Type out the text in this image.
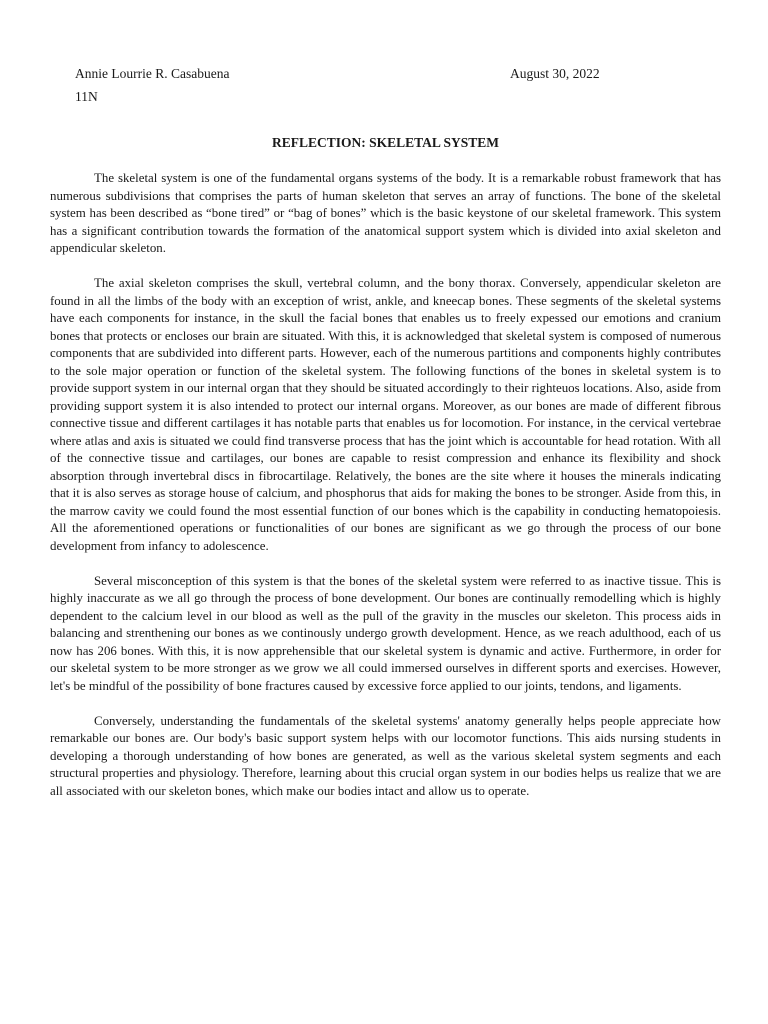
Annie Lourrie R. Casabuena	August 30, 2022
11N
REFLECTION: SKELETAL SYSTEM

The skeletal system is one of the fundamental organs systems of the body. It is a remarkable robust framework that has numerous subdivisions that comprises the parts of human skeleton that serves an array of functions. The bone of the skeletal system has been described as “bone tired” or “bag of bones” which is the basic keystone of our skeletal framework. This system has a significant contribution towards the formation of the anatomical support system which is divided into axial skeleton and appendicular skeleton.

The axial skeleton comprises the skull, vertebral column, and the bony thorax. Conversely, appendicular skeleton are found in all the limbs of the body with an exception of wrist, ankle, and kneecap bones. These segments of the skeletal systems have each components for instance, in the skull the facial bones that enables us to freely expessed our emotions and cranium bones that protects or encloses our brain are situated. With this, it is acknowledged that skeletal system is composed of numerous components that are subdivided into different parts. However, each of the numerous partitions and components highly contributes to the sole major operation or function of the skeletal system. The following functions of the bones in skeletal system is to provide support system in our internal organ that they should be situated accordingly to their righteuos locations. Also, aside from providing support system it is also intended to protect our internal organs. Moreover, as our bones are made of different fibrous connective tissue and different cartilages it has notable parts that enables us for locomotion. For instance, in the cervical vertebrae where atlas and axis is situated we could find transverse process that has the joint which is accountable for head rotation. With all of the connective tissue and cartilages, our bones are capable to resist compression and enhance its flexibility and shock absorption through invertebral discs in fibrocartilage. Relatively, the bones are the site where it houses the minerals indicating that it is also serves as storage house of calcium, and phosphorus that aids for making the bones to be stronger. Aside from this, in the marrow cavity we could found the most essential function of our bones which is the capability in conducting hematopoiesis. All the aforementioned operations or functionalities of our bones are significant as we go through the process of our bone development from infancy to adolescence.

Several misconception of this system is that the bones of the skeletal system were referred to as inactive tissue. This is highly inaccurate as we all go through the process of bone development. Our bones are continually remodelling which is highly dependent to the calcium level in our blood as well as the pull of the gravity in the muscles our skeleton. This process aids in balancing and strenthening our bones as we continously undergo growth development. Hence, as we reach adulthood, each of us now has 206 bones. With this, it is now apprehensible that our skeletal system is dynamic and active. Furthermore, in order for our skeletal system to be more stronger as we grow we all could immersed ourselves in different sports and exercises. However, let's be mindful of the possibility of bone fractures caused by excessive force applied to our joints, tendons, and ligaments.

Conversely, understanding the fundamentals of the skeletal systems' anatomy generally helps people appreciate how remarkable our bones are. Our body's basic support system helps with our locomotor functions. This aids nursing students in developing a thorough understanding of how bones are generated, as well as the various skeletal system segments and each structural properties and physiology. Therefore, learning about this crucial organ system in our bodies helps us realize that we are all associated with our skeleton bones, which make our bodies intact and allow us to operate.
